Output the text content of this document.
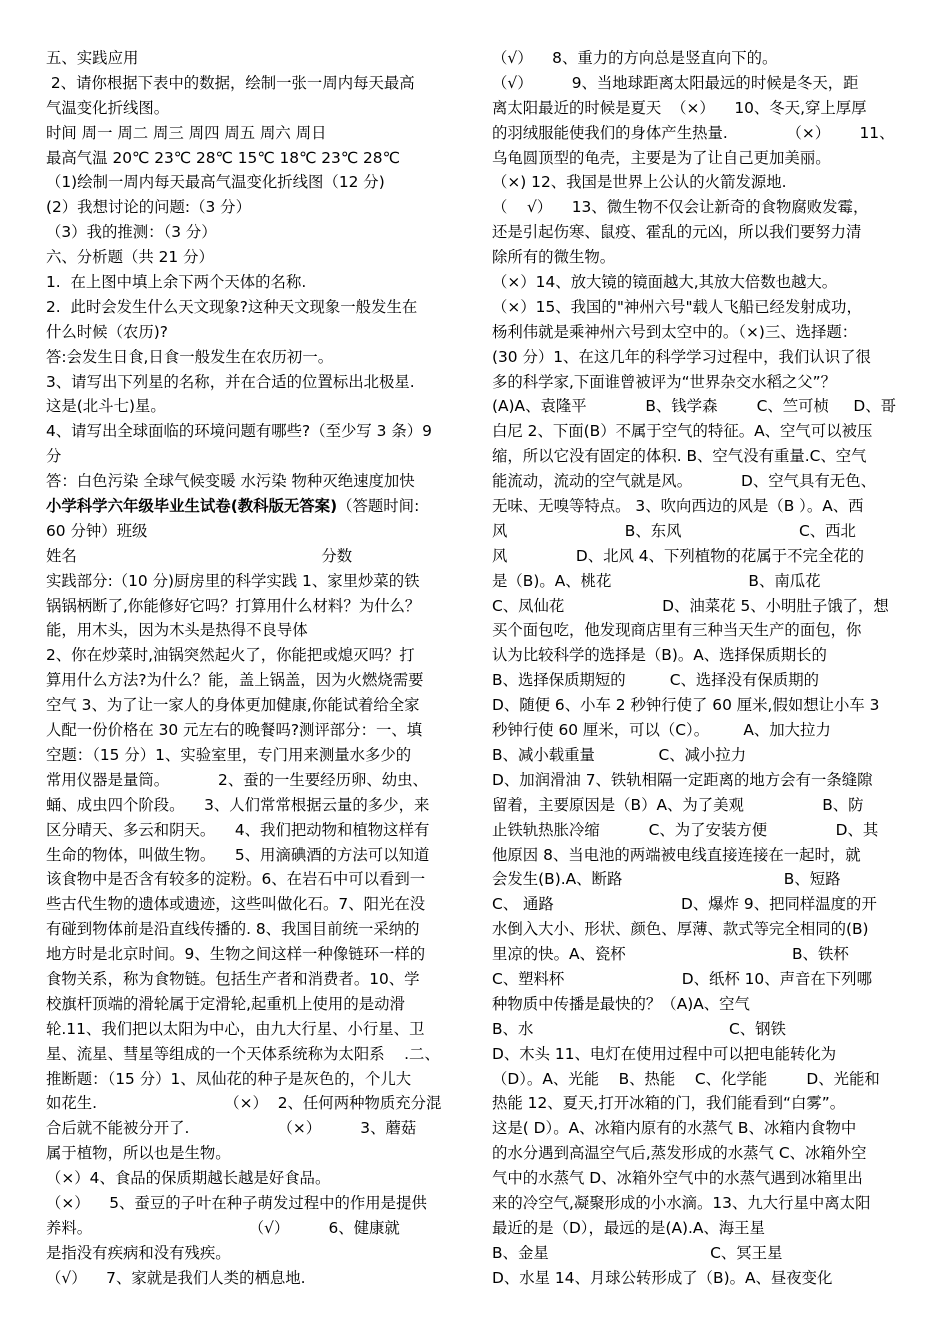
五、实践应用
2、请你根据下表中的数据，绘制一张一周内每天最高
气温变化折线图。
时间 周一 周二 周三 周四 周五 周六 周日
最高气温 20℃ 23℃ 28℃ 15℃ 18℃ 23℃ 28℃
（1)绘制一周内每天最高气温变化折线图（12 分)
(2）我想讨论的问题:（3 分）
（3）我的推测：（3 分）
六、分析题（共 21 分）
1.  在上图中填上余下两个天体的名称.
2.  此时会发生什么天文现象?这种天文现象一般发生在
什么时候（农历)?
答:会发生日食,日食一般发生在农历初一。
3、请写出下列星的名称，并在合适的位置标出北极星.
这是(北斗七)星。
4、请写出全球面临的环境问题有哪些?（至少写 3 条）9
分
答：白色污染 全球气候变暖 水污染 物种灭绝速度加快
小学科学六年级毕业生试卷(教科版无答案)（答题时间:
60 分钟）班级
姓名                                                  分数
实践部分:（10 分)厨房里的科学实践 1、家里炒菜的铁
锅锅柄断了,你能修好它吗？打算用什么材料？为什么？
能，用木头，因为木头是热得不良导体
2、你在炒菜时,油锅突然起火了，你能把或熄灭吗？打
算用什么方法?为什么？能，盖上锅盖，因为火燃烧需要
空气 3、为了让一家人的身体更加健康,你能试着给全家
人配一份价格在 30 元左右的晚餐吗?测评部分：一、填
空题：（15 分）1、实验室里，专门用来测量水多少的
常用仪器是量筒。          2、蚕的一生要经历卵、幼虫、
蛹、成虫四个阶段。    3、人们常常根据云量的多少，来
区分晴天、多云和阴天。    4、我们把动物和植物这样有
生命的物体，叫做生物。    5、用滴碘酒的方法可以知道
该食物中是否含有较多的淀粉。6、在岩石中可以看到一
些古代生物的遗体或遗迹，这些叫做化石。7、阳光在没
有碰到物体前是沿直线传播的. 8、我国目前统一采纳的
地方时是北京时间。9、生物之间这样一种像链环一样的
食物关系，称为食物链。包括生产者和消费者。10、学
校旗杆顶端的滑轮属于定滑轮,起重机上使用的是动滑
轮.11、我们把以太阳为中心，由九大行星、小行星、卫
星、流星、彗星等组成的一个天体系统称为太阳系    .二、
推断题：（15 分）1、凤仙花的种子是灰色的，个儿大
如花生.                          （×）  2、任何两种物质充分混
合后就不能被分开了.                  （×）        3、蘑菇
属于植物，所以也是生物。
（×）4、食品的保质期越长越是好食品。
（×）    5、蚕豆的子叶在种子萌发过程中的作用是提供
养料。                                （√）        6、健康就
是指没有疾病和没有残疾。
（√）    7、家就是我们人类的栖息地.
（√）    8、重力的方向总是竖直向下的。
（√）        9、当地球距离太阳最远的时候是冬天，距
离太阳最近的时候是夏天  （×）    10、冬天,穿上厚厚
的羽绒服能使我们的身体产生热量.            （×）      11、
乌龟圆顶型的龟壳，主要是为了让自己更加美丽。
（×) 12、我国是世界上公认的火箭发源地.
（    √）    13、微生物不仅会让新奇的食物腐败发霉，
还是引起伤寒、鼠疫、霍乱的元凶，所以我们要努力清
除所有的微生物。
（×）14、放大镜的镜面越大,其放大倍数也越大。
（×）15、我国的"神州六号"载人飞船已经发射成功，
杨利伟就是乘神州六号到太空中的。（×)三、选择题：
(30 分）1、在这几年的科学学习过程中，我们认识了很
多的科学家,下面谁曾被评为“世界杂交水稻之父”？
(A)A、袁隆平            B、钱学森        C、竺可桢     D、哥
白尼 2、下面(B）不属于空气的特征。A、空气可以被压
缩，所以它没有固定的体积. B、空气没有重量.C、空气
能流动，流动的空气就是风。          D、空气具有无色、
无味、无嗅等特点。 3、吹向西边的风是（B ）。A、西
风                        B、东风                        C、西北
风              D、北风 4、下列植物的花属于不完全花的
是（B)。A、桃花                            B、南瓜花
C、凤仙花                    D、油菜花 5、小明肚子饿了，想
买个面包吃，他发现商店里有三种当天生产的面包，你
认为比较科学的选择是（B)。A、选择保质期长的
B、选择保质期短的         C、选择没有保质期的
D、随便 6、小车 2 秒钟行使了 60 厘米,假如想让小车 3
秒钟行使 60 厘米，可以（C）。       A、加大拉力
B、减小载重量             C、减小拉力
D、加润滑油 7、铁轨相隔一定距离的地方会有一条缝隙
留着，主要原因是（B）A、为了美观                B、防
止铁轨热胀冷缩          C、为了安装方便              D、其
他原因 8、当电池的两端被电线直接连接在一起时，就
会发生(B).A、断路                                 B、短路
C、 通路                          D、爆炸 9、把同样温度的开
水倒入大小、形状、颜色、厚薄、款式等完全相同的(B)
里凉的快。A、瓷杯                                  B、铁杯
C、塑料杯                        D、纸杯 10、声音在下列哪
种物质中传播是最快的？（A)A、空气
B、水                                        C、钢铁
D、木头 11、电灯在使用过程中可以把电能转化为
（D）。A、光能    B、热能    C、化学能        D、光能和
热能 12、夏天,打开冰箱的门，我们能看到“白雾”。
这是( D）。A、冰箱内原有的水蒸气 B、冰箱内食物中
的水分遇到高温空气后,蒸发形成的水蒸气 C、冰箱外空
气中的水蒸气 D、冰箱外空气中的水蒸气遇到冰箱里出
来的冷空气,凝聚形成的小水滴。13、九大行星中离太阳
最近的是（D），最远的是(A).A、海王星
B、金星                                 C、冥王星
D、水星 14、月球公转形成了（B)。A、昼夜变化
